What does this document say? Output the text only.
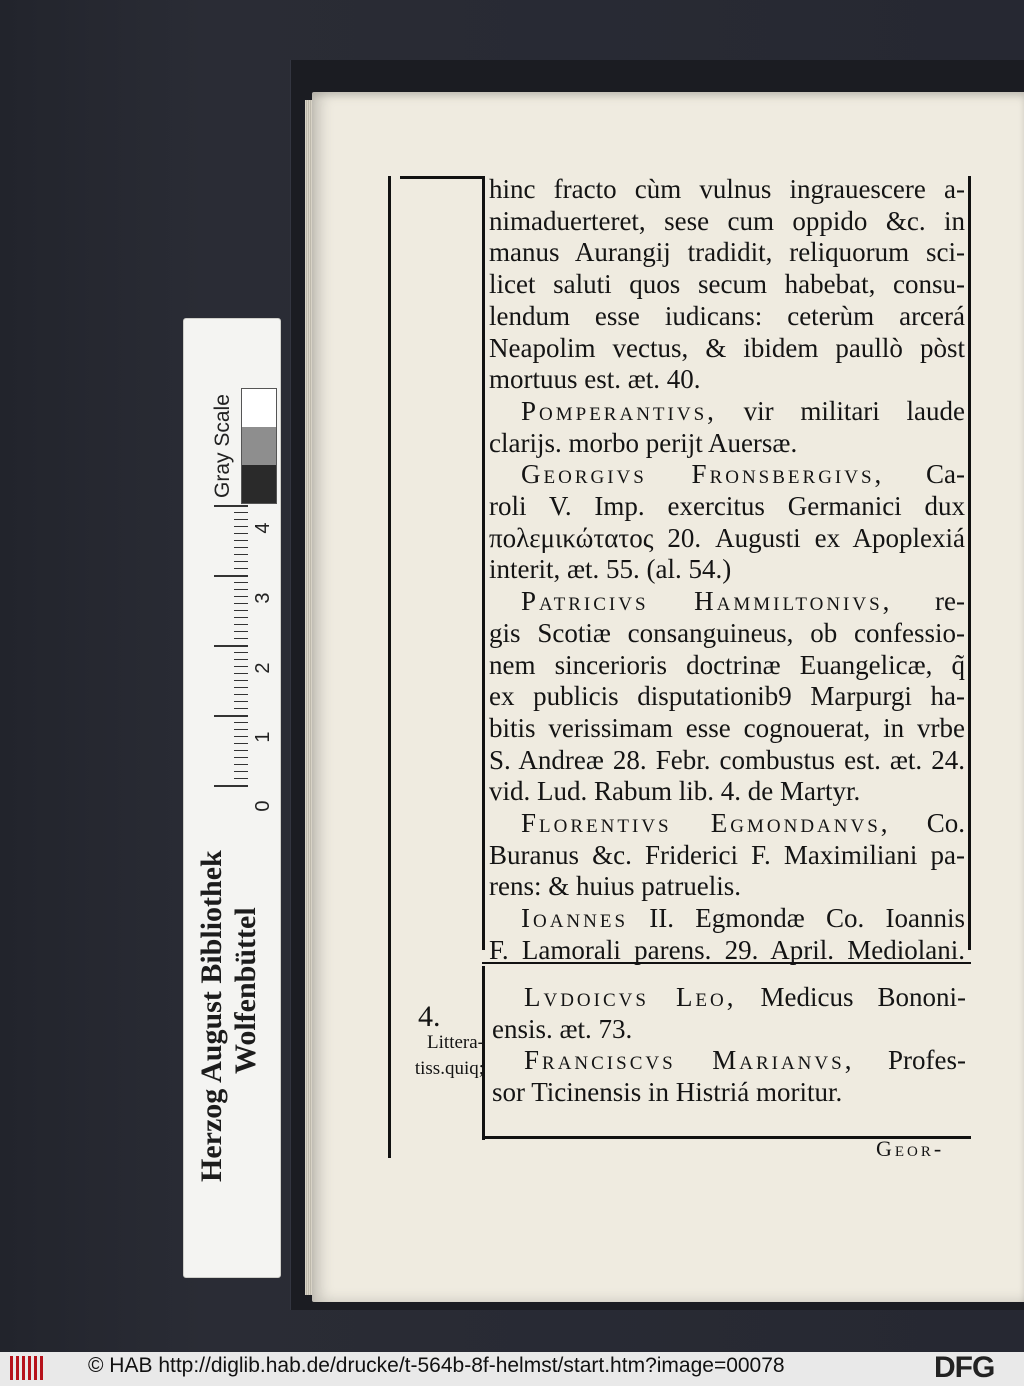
Wolfenbüttel
0
1
2
3
4
hinc fracto cùm vulnus ingrauescere a-
nimaduerteret, sese cum oppido &c. in
manus Aurangij tradidit, reliquorum sci-
licet saluti quos secum habebat, consu-
lendum esse iudicans: ceterùm arcerá
Neapolim vectus, & ibidem paullò pòst
mortuus est. æt. 40.
Pomperantivs, vir militari laude
clarijs. morbo perijt Auersæ.
Georgivs Fronsbergivs, Ca-
roli V. Imp. exercitus Germanici dux
πολεμικώτατος 20. Augusti ex Apoplexiá
interit, æt. 55. (al. 54.)
Patricivs Hammiltonivs, re-
gis Scotiæ consanguineus, ob confessio-
nem sincerioris doctrinæ Euangelicæ, q̃
ex publicis disputationib9 Marpurgi ha-
bitis verissimam esse cognouerat, in vrbe
S. Andreæ 28. Febr. combustus est. æt. 24.
vid. Lud. Rabum lib. 4. de Martyr.
Florentivs Egmondanvs, Co.
Buranus &c. Friderici F. Maximiliani pa-
rens: & huius patruelis.
Ioannes II. Egmondæ Co. Ioannis
F. Lamorali parens. 29. April. Mediolani.
4.
Littera-
tiss.quiq;
Lvdoicvs Leo, Medicus Bononi-
ensis. æt. 73.
Franciscvs Marianvs, Profes-
sor Ticinensis in Histriá moritur.
Geor-
© HAB http://diglib.hab.de/drucke/t-564b-8f-helmst/start.htm?image=00078	DFG
